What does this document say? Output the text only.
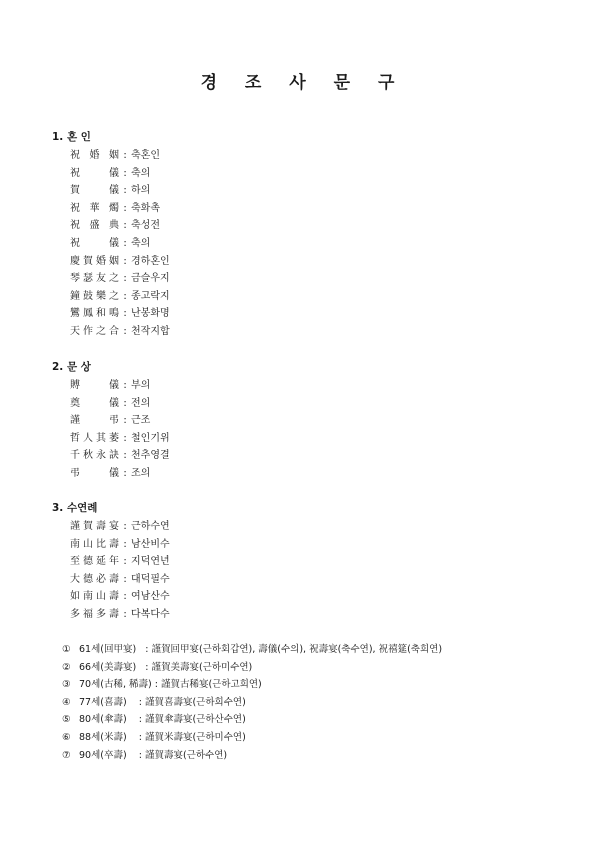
경 조 사 문 구
1. 혼 인
祝婚姻 : 축혼인
祝儀 : 축의
賀儀 : 하의
祝華燭 : 축화촉
祝盛典 : 축성전
祝儀 : 축의
慶賀婚姻 : 경하혼인
琴瑟友之 : 금슬우지
鐘鼓樂之 : 종고락지
鸞鳳和鳴 : 난봉화명
天作之合 : 천작지합
2. 문 상
賻儀 : 부의
奠儀 : 전의
謹弔 : 근조
哲人其萎 : 철인기위
千秋永訣 : 천추영결
弔儀 : 조의
3. 수연례
謹賀壽宴 : 근하수연
南山比壽 : 남산비수
至德延年 : 지덕연년
大德必壽 : 대덕필수
如南山壽 : 여남산수
多福多壽 : 다복다수
① 61세(回甲宴)   : 謹賀回甲宴(근하회갑연), 壽儀(수의), 祝壽宴(축수연), 祝禧筵(축희연)
② 66세(美壽宴)   : 謹賀美壽宴(근하미수연)
③ 70세(古稀, 稀壽) : 謹賀古稀宴(근하고희연)
④ 77세(喜壽)    : 謹賀喜壽宴(근하희수연)
⑤ 80세(傘壽)    : 謹賀傘壽宴(근하산수연)
⑥ 88세(米壽)    : 謹賀米壽宴(근하미수연)
⑦ 90세(卒壽)    : 謹賀壽宴(근하수연)
